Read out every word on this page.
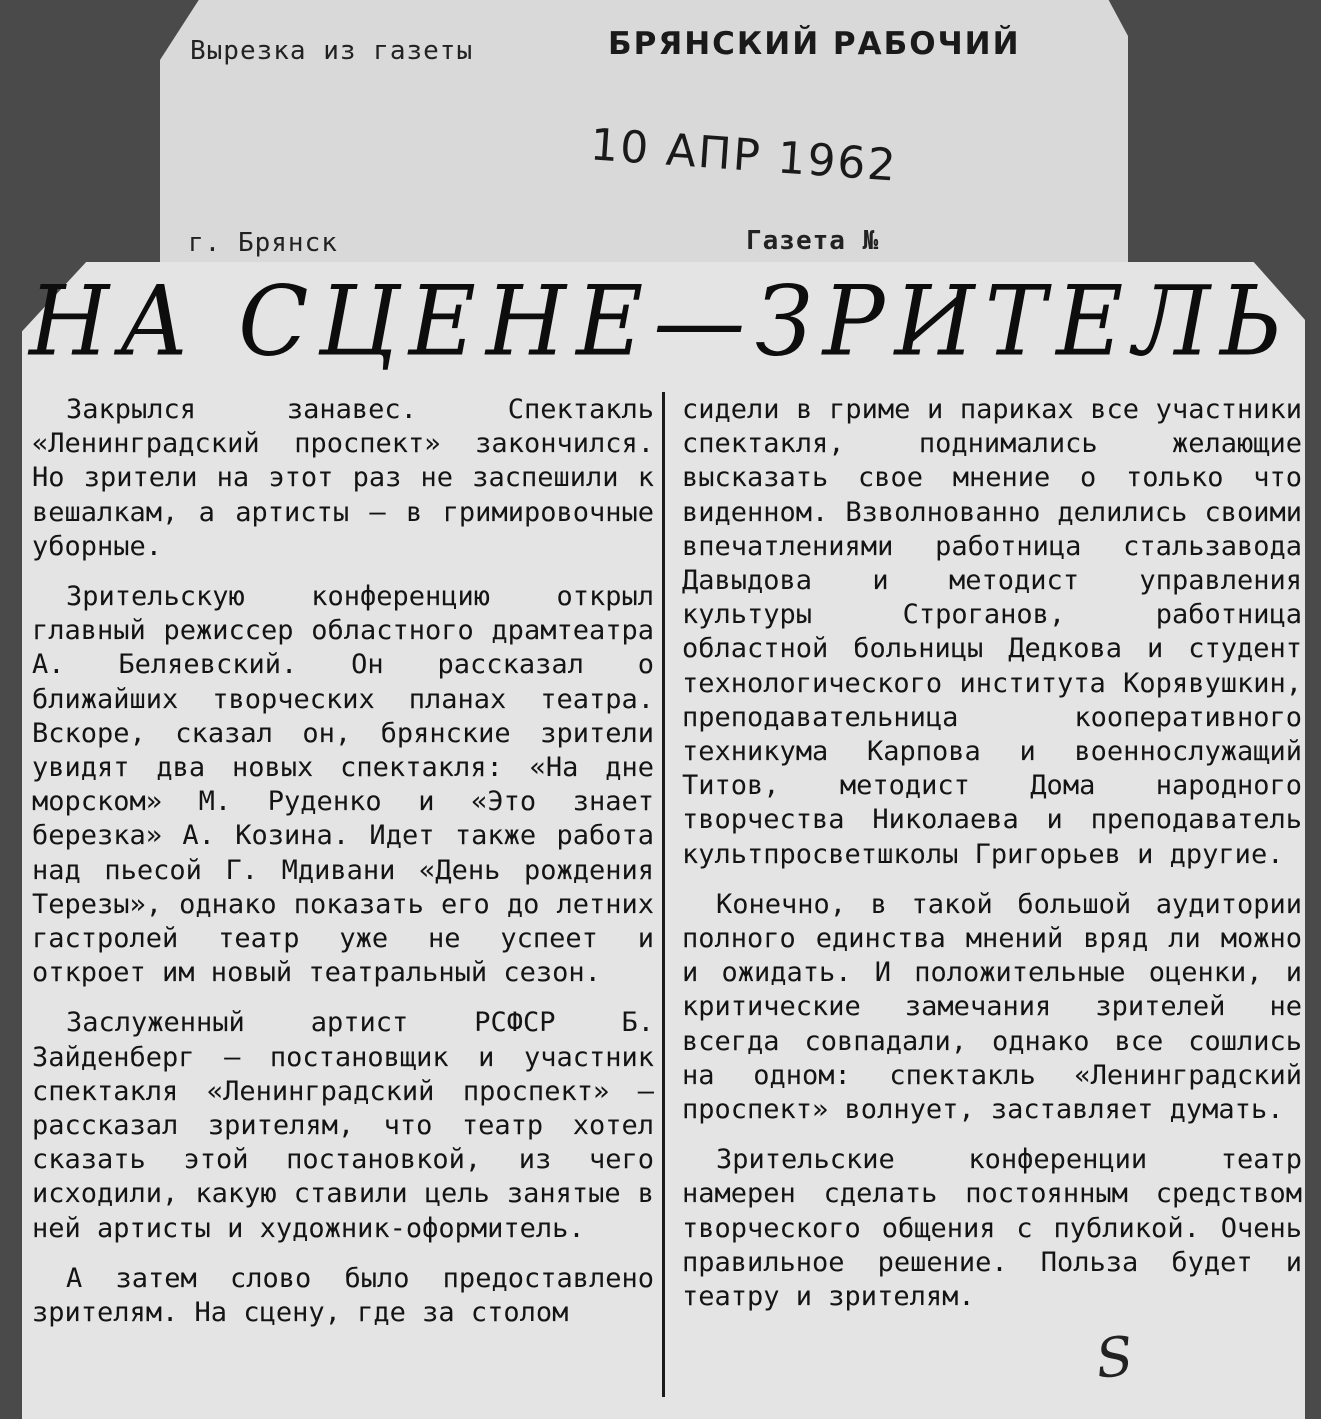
Вырезка из газеты	БРЯНСКИЙ РАБОЧИЙ
10 АПР 1962
г. Брянск	Газета №
НА СЦЕНЕ—ЗРИТЕЛЬ

Закрылся занавес. Спектакль «Ленинградский проспект» закончился. Но зрители на этот раз не заспешили к вешалкам, а артисты — в гримировочные уборные.

Зрительскую конференцию открыл главный режиссер областного драмтеатра А. Беляевский. Он рассказал о ближайших творческих планах театра. Вскоре, сказал он, брянские зрители увидят два новых спектакля: «На дне морском» М. Руденко и «Это знает березка» А. Козина. Идет также работа над пьесой Г. Мдивани «День рождения Терезы», однако показать его до летних гастролей театр уже не успеет и откроет им новый театральный сезон.

Заслуженный артист РСФСР Б. Зайденберг — постановщик и участник спектакля «Ленинградский проспект» — рассказал зрителям, что театр хотел сказать этой постановкой, из чего исходили, какую ставили цель занятые в ней артисты и художник-оформитель.

А затем слово было предоставлено зрителям. На сцену, где за столом

сидели в гриме и париках все участники спектакля, поднимались желающие высказать свое мнение о только что виденном. Взволнованно делились своими впечатлениями работница стальзавода Давыдова и методист управления культуры Строганов, работница областной больницы Дедкова и студент технологического института Корявушкин, преподавательница кооперативного техникума Карпова и военнослужащий Титов, методист Дома народного творчества Николаева и преподаватель культпросветшколы Григорьев и другие.

Конечно, в такой большой аудитории полного единства мнений вряд ли можно и ожидать. И положительные оценки, и критические замечания зрителей не всегда совпадали, однако все сошлись на одном: спектакль «Ленинградский проспект» волнует, заставляет думать.

Зрительские конференции театр намерен сделать постоянным средством творческого общения с публикой. Очень правильное решение. Польза будет и театру и зрителям.

S
